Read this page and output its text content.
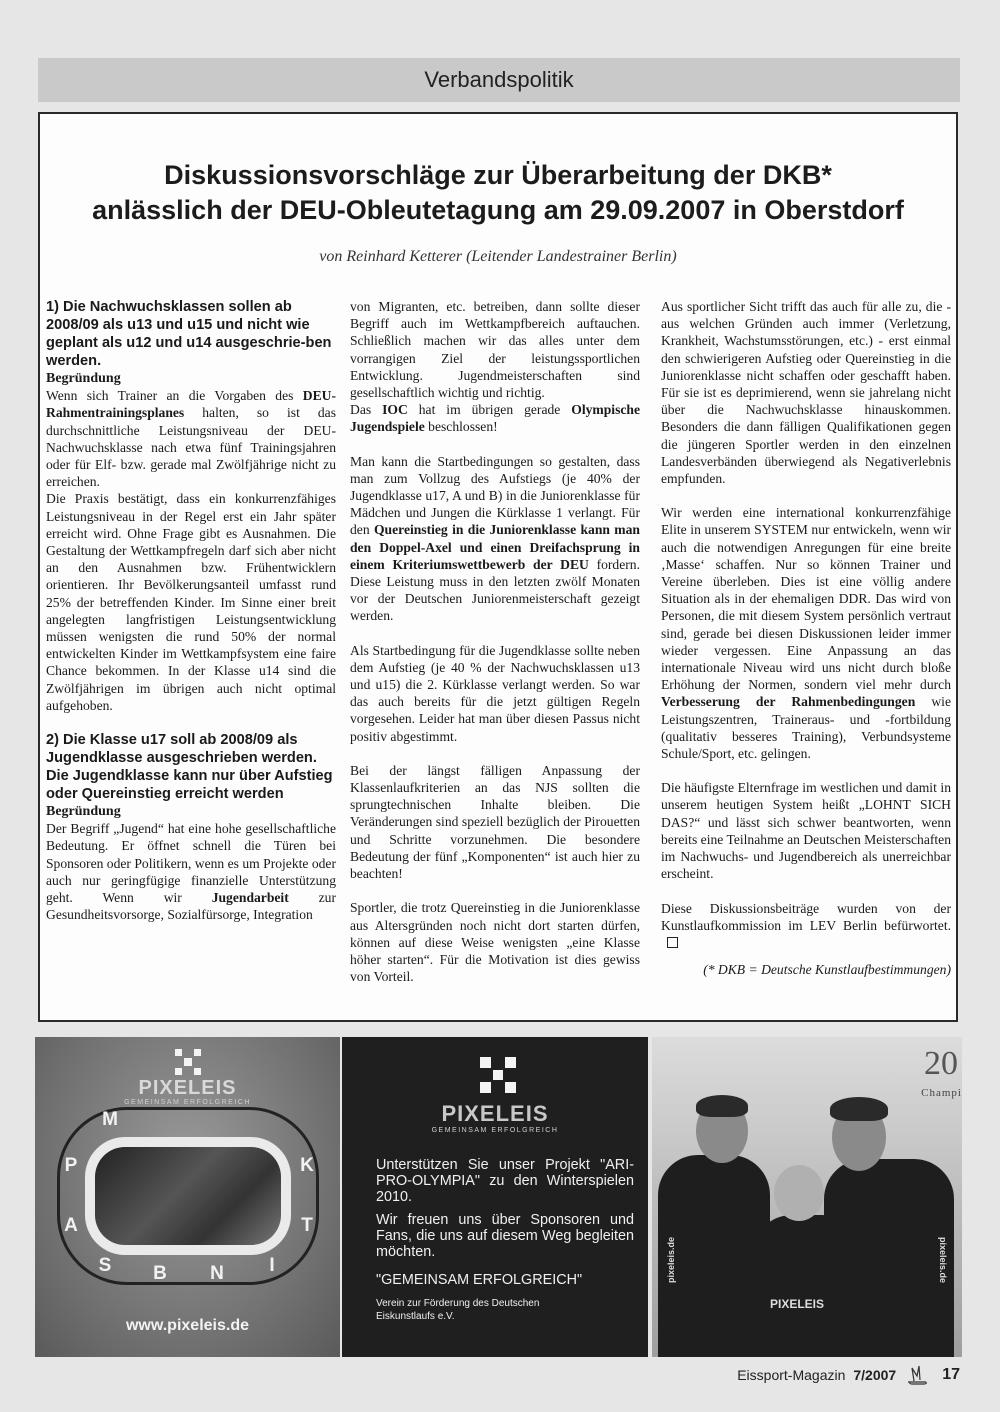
Verbandspolitik
Diskussionsvorschläge zur Überarbeitung der DKB*
anlässlich der DEU-Obleutetagung am 29.09.2007 in Oberstdorf
von Reinhard Ketterer (Leitender Landestrainer Berlin)

1) Die Nachwuchsklassen sollen ab 2008/09 als u13 und u15 und nicht wie geplant als u12 und u14 ausgeschrie-ben werden.

Begründung

Wenn sich Trainer an die Vorgaben des DEU-Rahmentrainingsplanes halten, so ist das durchschnittliche Leistungsniveau der DEU-Nachwuchsklasse nach etwa fünf Trainingsjahren oder für Elf- bzw. gerade mal Zwölfjährige nicht zu erreichen.

Die Praxis bestätigt, dass ein konkurrenzfähiges Leistungsniveau in der Regel erst ein Jahr später erreicht wird. Ohne Frage gibt es Ausnahmen. Die Gestaltung der Wettkampfregeln darf sich aber nicht an den Ausnahmen bzw. Frühentwicklern orientieren. Ihr Bevölkerungsanteil umfasst rund 25% der betreffenden Kinder. Im Sinne einer breit angelegten langfristigen Leistungsentwicklung müssen wenigsten die rund 50% der normal entwickelten Kinder im Wettkampfsystem eine faire Chance bekommen. In der Klasse u14 sind die Zwölfjährigen im übrigen auch nicht optimal aufgehoben.

2) Die Klasse u17 soll ab 2008/09 als Jugendklasse ausgeschrieben werden. Die Jugendklasse kann nur über Aufstieg oder Quereinstieg erreicht werden

Begründung

Der Begriff „Jugend“ hat eine hohe gesellschaftliche Bedeutung. Er öffnet schnell die Türen bei Sponsoren oder Politikern, wenn es um Projekte oder auch nur geringfügige finanzielle Unterstützung geht. Wenn wir Jugendarbeit zur Gesundheitsvorsorge, Sozialfürsorge, Integration

von Migranten, etc. betreiben, dann sollte dieser Begriff auch im Wettkampfbereich auftauchen. Schließlich machen wir das alles unter dem vorrangigen Ziel der leistungssportlichen Entwicklung. Jugendmeisterschaften sind gesellschaftlich wichtig und richtig.

Das IOC hat im übrigen gerade Olympische Jugendspiele beschlossen!

Man kann die Startbedingungen so gestalten, dass man zum Vollzug des Aufstiegs (je 40% der Jugendklasse u17, A und B) in die Juniorenklasse für Mädchen und Jungen die Kürklasse 1 verlangt. Für den Quereinstieg in die Juniorenklasse kann man den Doppel-Axel und einen Dreifachsprung in einem Kriteriumswettbewerb der DEU fordern. Diese Leistung muss in den letzten zwölf Monaten vor der Deutschen Juniorenmeisterschaft gezeigt werden.

Als Startbedingung für die Jugendklasse sollte neben dem Aufstieg (je 40 % der Nachwuchsklassen u13 und u15) die 2. Kürklasse verlangt werden. So war das auch bereits für die jetzt gültigen Regeln vorgesehen. Leider hat man über diesen Passus nicht positiv abgestimmt.

Bei der längst fälligen Anpassung der Klassenlaufkriterien an das NJS sollten die sprungtechnischen Inhalte bleiben. Die Veränderungen sind speziell bezüglich der Pirouetten und Schritte vorzunehmen. Die besondere Bedeutung der fünf „Komponenten“ ist auch hier zu beachten!

Sportler, die trotz Quereinstieg in die Juniorenklasse aus Altersgründen noch nicht dort starten dürfen, können auf diese Weise wenigsten „eine Klasse höher starten“. Für die Motivation ist dies gewiss von Vorteil.

Aus sportlicher Sicht trifft das auch für alle zu, die - aus welchen Gründen auch immer (Verletzung, Krankheit, Wachstumsstörungen, etc.) - erst einmal den schwierigeren Aufstieg oder Quereinstieg in die Juniorenklasse nicht schaffen oder geschafft haben. Für sie ist es deprimierend, wenn sie jahrelang nicht über die Nachwuchsklasse hinauskommen. Besonders die dann fälligen Qualifikationen gegen die jüngeren Sportler werden in den einzelnen Landesverbänden überwiegend als Negativerlebnis empfunden.

Wir werden eine international konkurrenzfähige Elite in unserem SYSTEM nur entwickeln, wenn wir auch die notwendigen Anregungen für eine breite ‚Masse‘ schaffen. Nur so können Trainer und Vereine überleben. Dies ist eine völlig andere Situation als in der ehemaligen DDR. Das wird von Personen, die mit diesem System persönlich vertraut sind, gerade bei diesen Diskussionen leider immer wieder vergessen. Eine Anpassung an das internationale Niveau wird uns nicht durch bloße Erhöhung der Normen, sondern viel mehr durch Verbesserung der Rahmenbedingungen wie Leistungszentren, Traineraus- und -fortbildung (qualitativ besseres Training), Verbundsysteme Schule/Sport, etc. gelingen.

Die häufigste Elternfrage im westlichen und damit in unserem heutigen System heißt „LOHNT SICH DAS?“ und lässt sich schwer beantworten, wenn bereits eine Teilnahme an Deutschen Meisterschaften im Nachwuchs- und Jugendbereich als unerreichbar erscheint.

Diese Diskussionsbeiträge wurden von der Kunstlaufkommission im LEV Berlin befürwortet.

(* DKB = Deutsche Kunstlaufbestimmungen)

PIXELEIS
GEMEINSAM ERFOLGREICH
M
P
A
S B N	I
T
K
www.pixeleis.de
PIXELEIS
GEMEINSAM ERFOLGREICH
Unterstützen Sie unser Projekt "ARI-PRO-OLYMPIA" zu den Winterspielen 2010.
Wir freuen uns über Sponsoren und Fans, die uns auf diesem Weg begleiten möchten.
"GEMEINSAM ERFOLGREICH"
Verein zur Förderung des Deutschen Eiskunstlaufs e.V.
20
Champi
pixeleis.de	pixeleis.de
PIXELEIS
Eissport-Magazin 7/2007	17
